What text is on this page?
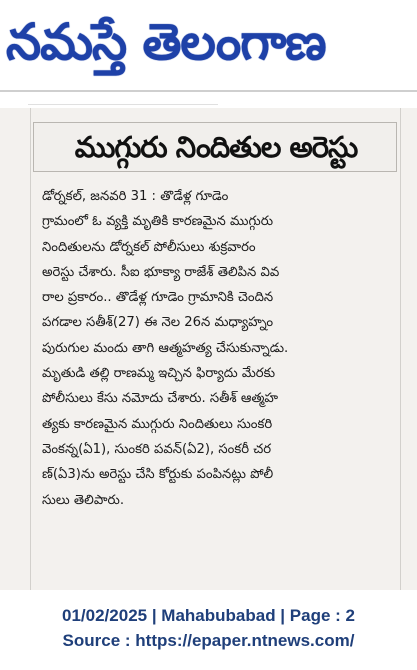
నమస్తే తెలంగాణ
ముగ్గురు నిందితుల అరెస్టు
డోర్నకల్, జనవరి 31 : తొడేళ్ల గూడెం
గ్రామంలో ఓ వ్యక్తి మృతికి కారణమైన ముగ్గురు
నిందితులను డోర్నకల్ పోలీసులు శుక్రవారం
అరెస్టు చేశారు. సీఐ భూక్యా రాజేశ్ తెలిపిన వివ
రాల ప్రకారం.. తొడేళ్ల గూడెం గ్రామానికి చెందిన
పగడాల సతీశ్(27) ఈ నెల 26న మధ్యాహ్నం
పురుగుల మందు తాగి ఆత్మహత్య చేసుకున్నాడు.
మృతుడి తల్లి రాణమ్మ ఇచ్చిన ఫిర్యాదు మేరకు
పోలీసులు కేసు నమోదు చేశారు. సతీశ్ ఆత్మహ
త్యకు కారణమైన ముగ్గురు నిందితులు సుంకరి
వెంకన్న(ఏ1), సుంకరి పవన్(ఏ2), సంకరీ చర
ణ్(ఏ3)ను అరెస్టు చేసి కోర్టుకు పంపినట్లు పోలీ
సులు తెలిపారు.
01/02/2025 | Mahabubabad | Page : 2
Source : https://epaper.ntnews.com/
